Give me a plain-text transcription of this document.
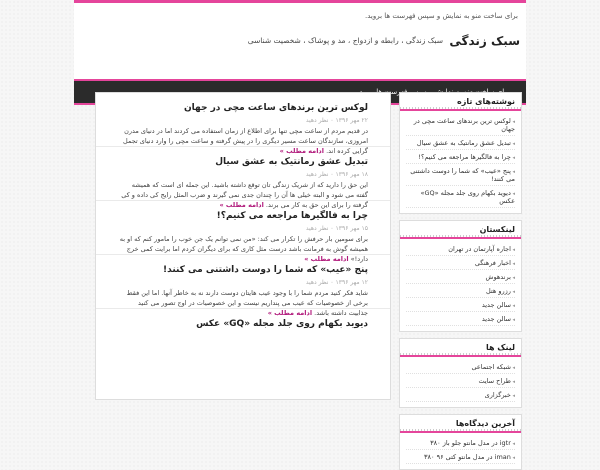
برای ساخت منو به نمایش و سپس فهرست ها بروید.
سبک زندگی
سبک زندگی ، رابطه و ازدواج ، مد و پوشاک ، شخصیت شناسی
فهرست
لوکس ترین برندهای ساعت مچی در جهان
۲۲ مهر ۱۳۹۶ ۰ نظر دهید
در قدیم مردم از ساعت مچی تنها برای اطلاع از زمان استفاده می کردند اما در دنیای مدرن امروزی، سازندگان ساعت مسیر دیگری را در پیش گرفته و ساعت مچی را وارد دنیای تجمل گرایی کرده اند. ادامه مطلب »
تبدیل عشق رمانتیک به عشق سیال
۱۸ مهر ۱۳۹۶ ۰ نظر دهید
این حق را دارید که از شریک زندگی تان توقع داشته باشید. این جمله ای است که همیشه گفته می شود و البته خیلی ها آن را چندان جدی نمی گیرند و ضرب المثل رایج کی داده و کی گرفته را برای این حق به کار می برند. ادامه مطلب »
چرا به فالگیرها مراجعه می کنیم؟!
۱۵ مهر ۱۳۹۶ ۰ نظر دهید
برای سومین بار حرفش را تکرار می کند: «من نمی توانم یک جن خوب را مامور کنم که او به همیشه گوش به فرمانت باشد درست مثل کاری که برای دیگران کردم اما برایت کمی خرج دارد!» ادامه مطلب »
پنج «عیب» که شما را دوست داشتنی می کنند!
۱۲ مهر ۱۳۹۶ ۰ نظر دهید
شاید فکر کنید مردم شما را با وجود عیب هایتان دوست دارند نه به خاطر آنها. اما این فقط برخی از خصوصیات که عیب می پنداریم نیست و این خصوصیات در اوج تصور می کنید جذابیت داشته باشد. ادامه مطلب »
دیوید بکهام روی جلد مجله «GQ» عکس
نوشته‌های تازه
◂ لوکس ترین برندهای ساعت مچی در جهان
◂ تبدیل عشق رمانتیک به عشق سیال
◂ چرا به فالگیرها مراجعه می کنیم؟!
◂ پنج «عیب» که شما را دوست داشتنی می کنند!
◂ دیوید بکهام روی جلد مجله «GQ» عکس
لینکستان
◂ اجاره آپارتمان در تهران
◂ اخبار فرهنگی
◂ برندهوش
◂ رزرو هتل
◂ سالن جدید
◂ سالن جدید
لینک ها
◂ شبکه اجتماعی
◂ طراح سایت
◂ خبرگزاری
آخرین دیدگاه‌ها
◂ igtr در مدل مانتو جلو باز ۳۸۰
◂ iman در مدل مانتو کتی ۹۶ ۳۸۰
